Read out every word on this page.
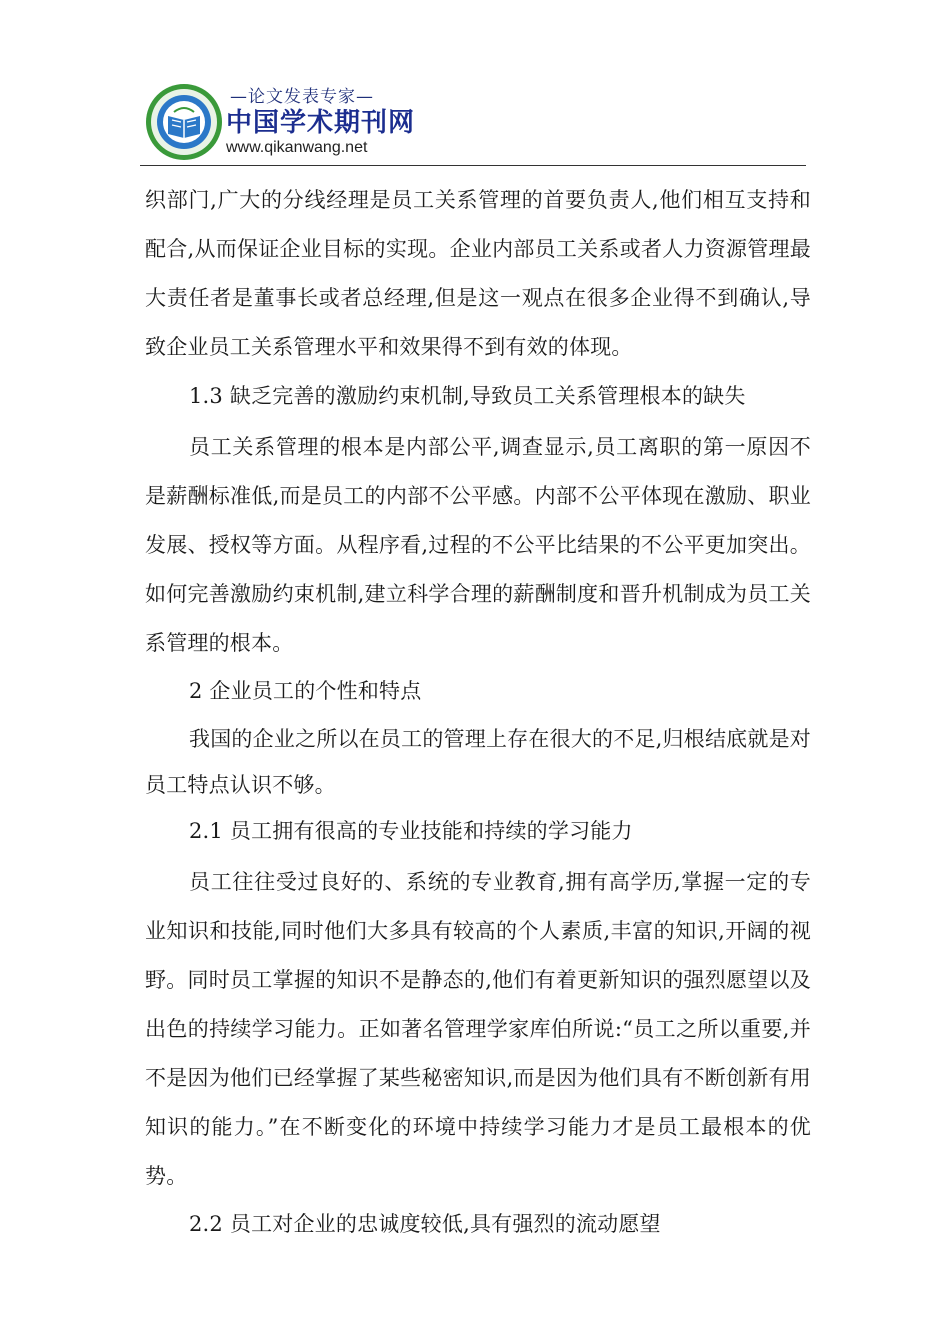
—论文发表专家—
中国学术期刊网
www.qikanwang.net

织部门,广大的分线经理是员工关系管理的首要负责人,他们相互支持和配合,从而保证企业目标的实现。企业内部员工关系或者人力资源管理最大责任者是董事长或者总经理,但是这一观点在很多企业得不到确认,导致企业员工关系管理水平和效果得不到有效的体现。

1.3 缺乏完善的激励约束机制,导致员工关系管理根本的缺失

员工关系管理的根本是内部公平,调查显示,员工离职的第一原因不是薪酬标准低,而是员工的内部不公平感。内部不公平体现在激励、职业发展、授权等方面。从程序看,过程的不公平比结果的不公平更加突出。如何完善激励约束机制,建立科学合理的薪酬制度和晋升机制成为员工关系管理的根本。

2 企业员工的个性和特点

我国的企业之所以在员工的管理上存在很大的不足,归根结底就是对员工特点认识不够。

2.1 员工拥有很高的专业技能和持续的学习能力

员工往往受过良好的、系统的专业教育,拥有高学历,掌握一定的专业知识和技能,同时他们大多具有较高的个人素质,丰富的知识,开阔的视野。同时员工掌握的知识不是静态的,他们有着更新知识的强烈愿望以及出色的持续学习能力。正如著名管理学家库伯所说:“员工之所以重要,并不是因为他们已经掌握了某些秘密知识,而是因为他们具有不断创新有用知识的能力。”在不断变化的环境中持续学习能力才是员工最根本的优势。

2.2 员工对企业的忠诚度较低,具有强烈的流动愿望
